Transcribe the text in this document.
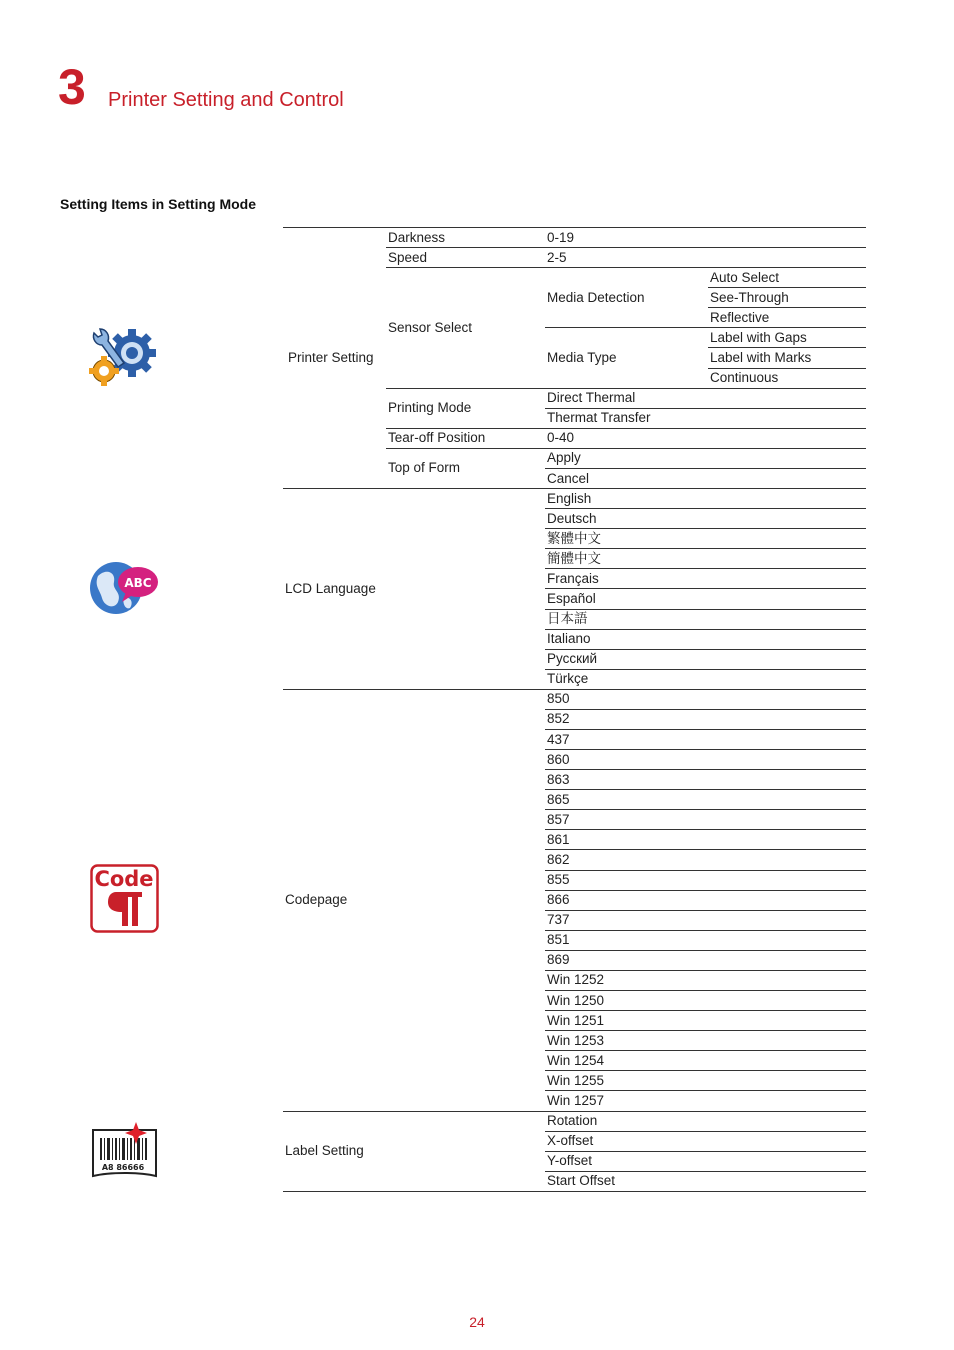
3 Printer Setting and Control
Setting Items in Setting Mode
0-19
Darkness
2-5
Speed
Auto Select
See-Through
Reflective
Media Detection
Label with Gaps
Label with Marks
Continuous
Media Type
Sensor Select
Direct Thermal
Thermat Transfer
Printing Mode
0-40
Tear-off Position
Apply
Cancel
Top of Form
Printer Setting
English
Deutsch
繁體中文
簡體中文
Français
Español
日本語
Italiano
Русский
Türkçe
LCD Language
850
852
437
860
863
865
857
861
862
855
866
737
851
869
Win 1252
Win 1250
Win 1251
Win 1253
Win 1254
Win 1255
Win 1257
Codepage
Rotation
X-offset
Y-offset
Start Offset
Label Setting
ABC
Code
A8 86666
24
